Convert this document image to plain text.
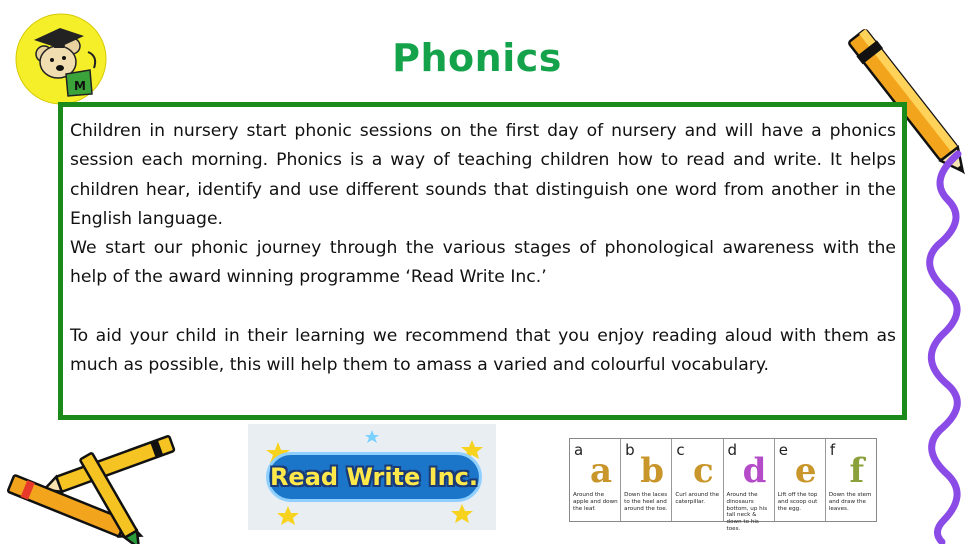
M
Phonics

Children in nursery start phonic sessions on the first day of nursery and will have a phonics session each morning. Phonics is a way of teaching children how to read and write. It helps children hear, identify and use different sounds that distinguish one word from another in the English language.

We start our phonic journey through the various stages of phonological awareness with the help of the award winning programme ‘Read Write Inc.’

To aid your child in their learning we recommend that you enjoy reading aloud with them as much as possible, this will help them to amass a varied and colourful vocabulary.

Read Write Inc.
a
a
Around the apple and down the leaf.
b
b
Down the laces to the heel and around the toe.
c
c
Curl around the caterpillar.
d
d
Around the dinosaurs bottom, up his tall neck & down to his toes.
e
e
Lift off the top and scoop out the egg.
f
f
Down the stem and draw the leaves.
